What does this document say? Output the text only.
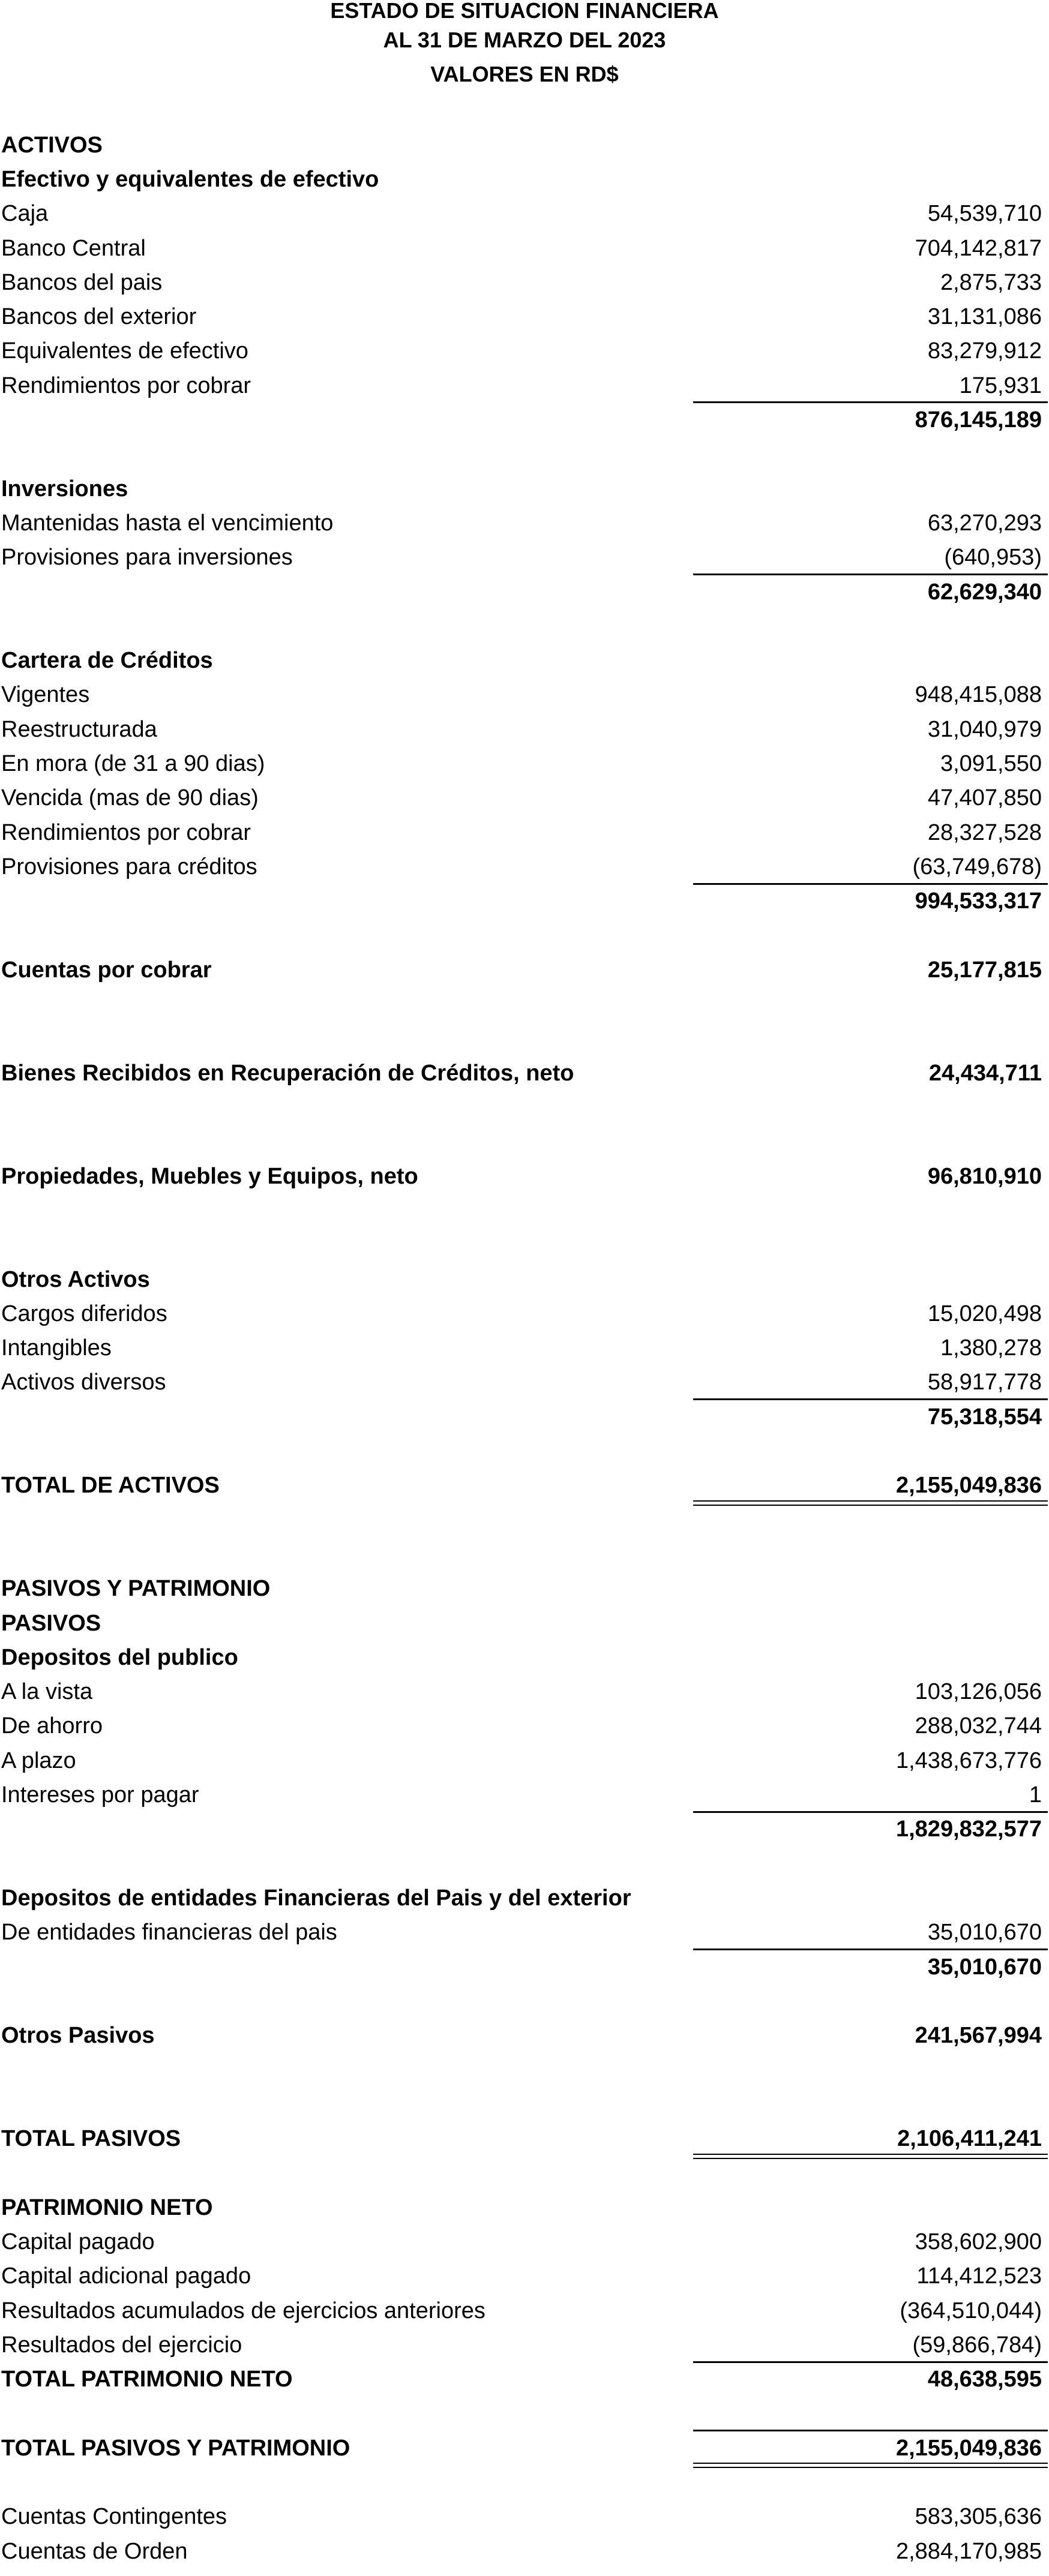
ESTADO DE SITUACION FINANCIERA
AL 31 DE MARZO DEL 2023
VALORES EN RD$
ACTIVOS
Efectivo y equivalentes de efectivo
Caja	54,539,710
Banco Central	704,142,817
Bancos del pais	2,875,733
Bancos del exterior	31,131,086
Equivalentes de efectivo	83,279,912
Rendimientos por cobrar	175,931
876,145,189
Inversiones
Mantenidas hasta el vencimiento	63,270,293
Provisiones para inversiones	(640,953)
62,629,340
Cartera de Créditos
Vigentes	948,415,088
Reestructurada	31,040,979
En mora (de 31 a 90 dias)	3,091,550
Vencida (mas de 90 dias)	47,407,850
Rendimientos por cobrar	28,327,528
Provisiones para créditos	(63,749,678)
994,533,317
Cuentas por cobrar	25,177,815
Bienes Recibidos en Recuperación de Créditos, neto	24,434,711
Propiedades, Muebles y Equipos, neto	96,810,910
Otros Activos
Cargos diferidos	15,020,498
Intangibles	1,380,278
Activos diversos	58,917,778
75,318,554
TOTAL DE ACTIVOS	2,155,049,836
PASIVOS Y PATRIMONIO
PASIVOS
Depositos del publico
A la vista	103,126,056
De ahorro	288,032,744
A plazo	1,438,673,776
Intereses por pagar	1
1,829,832,577
Depositos de entidades Financieras del Pais y del exterior
De entidades financieras del pais	35,010,670
35,010,670
Otros Pasivos	241,567,994
TOTAL PASIVOS	2,106,411,241
PATRIMONIO NETO
Capital pagado	358,602,900
Capital adicional pagado	114,412,523
Resultados acumulados de ejercicios anteriores	(364,510,044)
Resultados del ejercicio	(59,866,784)
TOTAL PATRIMONIO NETO	48,638,595
TOTAL PASIVOS Y PATRIMONIO	2,155,049,836
Cuentas Contingentes	583,305,636
Cuentas de Orden	2,884,170,985
